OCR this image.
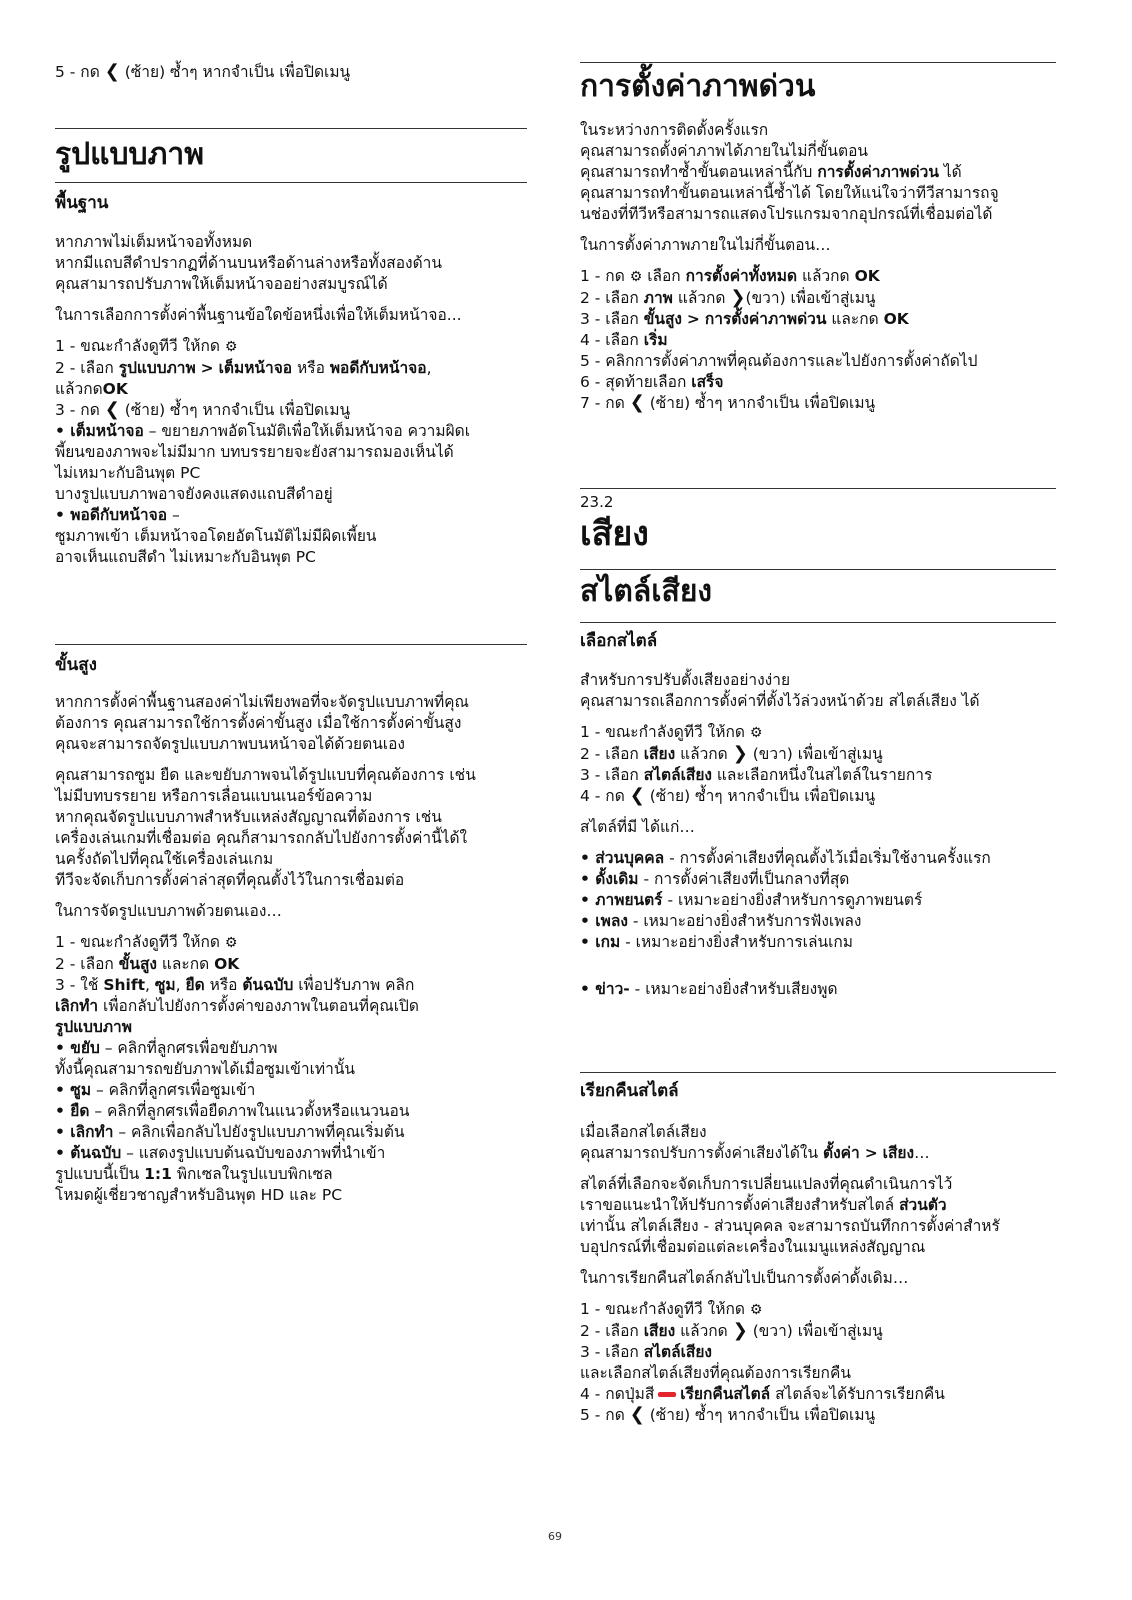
5 - กด ❮ (ซ้าย) ซ้ำๆ หากจำเป็น เพื่อปิดเมนู

รูปแบบภาพ
พื้นฐาน

หากภาพไม่เต็มหน้าจอทั้งหมด

หากมีแถบสีดำปรากฏที่ด้านบนหรือด้านล่างหรือทั้งสองด้าน

คุณสามารถปรับภาพให้เต็มหน้าจออย่างสมบูรณ์ได้

ในการเลือกการตั้งค่าพื้นฐานข้อใดข้อหนึ่งเพื่อให้เต็มหน้าจอ...

1 - ขณะกำลังดูทีวี ให้กด ⚙

2 - เลือก รูปแบบภาพ > เต็มหน้าจอ หรือ พอดีกับหน้าจอ,

แล้วกดOK

3 - กด ❮ (ซ้าย) ซ้ำๆ หากจำเป็น เพื่อปิดเมนู

• เต็มหน้าจอ – ขยายภาพอัตโนมัติเพื่อให้เต็มหน้าจอ ความผิดเ

พี้ยนของภาพจะไม่มีมาก บทบรรยายจะยังสามารถมองเห็นได้

ไม่เหมาะกับอินพุต PC

บางรูปแบบภาพอาจยังคงแสดงแถบสีดำอยู่

• พอดีกับหน้าจอ –

ซูมภาพเข้า เต็มหน้าจอโดยอัตโนมัติไม่มีผิดเพี้ยน

อาจเห็นแถบสีดำ ไม่เหมาะกับอินพุต PC

ขั้นสูง

หากการตั้งค่าพื้นฐานสองค่าไม่เพียงพอที่จะจัดรูปแบบภาพที่คุณ

ต้องการ คุณสามารถใช้การตั้งค่าขั้นสูง เมื่อใช้การตั้งค่าขั้นสูง

คุณจะสามารถจัดรูปแบบภาพบนหน้าจอได้ด้วยตนเอง

คุณสามารถซูม ยืด และขยับภาพจนได้รูปแบบที่คุณต้องการ เช่น

ไม่มีบทบรรยาย หรือการเลื่อนแบนเนอร์ข้อความ

หากคุณจัดรูปแบบภาพสำหรับแหล่งสัญญาณที่ต้องการ เช่น

เครื่องเล่นเกมที่เชื่อมต่อ คุณก็สามารถกลับไปยังการตั้งค่านี้ได้ใ

นครั้งถัดไปที่คุณใช้เครื่องเล่นเกม

ทีวีจะจัดเก็บการตั้งค่าล่าสุดที่คุณตั้งไว้ในการเชื่อมต่อ

ในการจัดรูปแบบภาพด้วยตนเอง…

1 - ขณะกำลังดูทีวี ให้กด ⚙

2 - เลือก ขั้นสูง และกด OK

3 - ใช้ Shift, ซูม, ยืด หรือ ต้นฉบับ เพื่อปรับภาพ คลิก

เลิกทำ เพื่อกลับไปยังการตั้งค่าของภาพในตอนที่คุณเปิด

รูปแบบภาพ

• ขยับ – คลิกที่ลูกศรเพื่อขยับภาพ

ทั้งนี้คุณสามารถขยับภาพได้เมื่อซูมเข้าเท่านั้น

• ซูม – คลิกที่ลูกศรเพื่อซูมเข้า

• ยืด – คลิกที่ลูกศรเพื่อยืดภาพในแนวตั้งหรือแนวนอน

• เลิกทำ – คลิกเพื่อกลับไปยังรูปแบบภาพที่คุณเริ่มต้น

• ต้นฉบับ – แสดงรูปแบบต้นฉบับของภาพที่นำเข้า

รูปแบบนี้เป็น 1:1 พิกเซลในรูปแบบพิกเซล

โหมดผู้เชี่ยวชาญสำหรับอินพุต HD และ PC

การตั้งค่าภาพด่วน

ในระหว่างการติดตั้งครั้งแรก

คุณสามารถตั้งค่าภาพได้ภายในไม่กี่ขั้นตอน

คุณสามารถทำซ้ำขั้นตอนเหล่านี้กับ การตั้งค่าภาพด่วน ได้

คุณสามารถทำขั้นตอนเหล่านี้ซ้ำได้ โดยให้แน่ใจว่าทีวีสามารถจู

นช่องที่ทีวีหรือสามารถแสดงโปรแกรมจากอุปกรณ์ที่เชื่อมต่อได้

ในการตั้งค่าภาพภายในไม่กี่ขั้นตอน…

1 - กด ⚙ เลือก การตั้งค่าทั้งหมด แล้วกด OK

2 - เลือก ภาพ แล้วกด ❯(ขวา) เพื่อเข้าสู่เมนู

3 - เลือก ขั้นสูง > การตั้งค่าภาพด่วน และกด OK

4 - เลือก เริ่ม

5 - คลิกการตั้งค่าภาพที่คุณต้องการและไปยังการตั้งค่าถัดไป

6 - สุดท้ายเลือก เสร็จ

7 - กด ❮ (ซ้าย) ซ้ำๆ หากจำเป็น เพื่อปิดเมนู

23.2
เสียง
สไตล์เสียง
เลือกสไตล์

สำหรับการปรับตั้งเสียงอย่างง่าย

คุณสามารถเลือกการตั้งค่าที่ตั้งไว้ล่วงหน้าด้วย สไตล์เสียง ได้

1 - ขณะกำลังดูทีวี ให้กด ⚙

2 - เลือก เสียง แล้วกด ❯ (ขวา) เพื่อเข้าสู่เมนู

3 - เลือก สไตล์เสียง และเลือกหนึ่งในสไตล์ในรายการ

4 - กด ❮ (ซ้าย) ซ้ำๆ หากจำเป็น เพื่อปิดเมนู

สไตล์ที่มี ได้แก่…

• ส่วนบุคคล - การตั้งค่าเสียงที่คุณตั้งไว้เมื่อเริ่มใช้งานครั้งแรก

• ดั้งเดิม - การตั้งค่าเสียงที่เป็นกลางที่สุด

• ภาพยนตร์ - เหมาะอย่างยิ่งสำหรับการดูภาพยนตร์

• เพลง - เหมาะอย่างยิ่งสำหรับการฟังเพลง

• เกม - เหมาะอย่างยิ่งสำหรับการเล่นเกม

• ข่าว- - เหมาะอย่างยิ่งสำหรับเสียงพูด

เรียกคืนสไตล์

เมื่อเลือกสไตล์เสียง

คุณสามารถปรับการตั้งค่าเสียงได้ใน ตั้งค่า > เสียง…

สไตล์ที่เลือกจะจัดเก็บการเปลี่ยนแปลงที่คุณดำเนินการไว้

เราขอแนะนำให้ปรับการตั้งค่าเสียงสำหรับสไตล์ ส่วนตัว

เท่านั้น สไตล์เสียง - ส่วนบุคคล จะสามารถบันทึกการตั้งค่าสำหรั

บอุปกรณ์ที่เชื่อมต่อแต่ละเครื่องในเมนูแหล่งสัญญาณ

ในการเรียกคืนสไตล์กลับไปเป็นการตั้งค่าดั้งเดิม…

1 - ขณะกำลังดูทีวี ให้กด ⚙

2 - เลือก เสียง แล้วกด ❯ (ขวา) เพื่อเข้าสู่เมนู

3 - เลือก สไตล์เสียง

และเลือกสไตล์เสียงที่คุณต้องการเรียกคืน

4 - กดปุ่มสี เรียกคืนสไตล์ สไตล์จะได้รับการเรียกคืน

5 - กด ❮ (ซ้าย) ซ้ำๆ หากจำเป็น เพื่อปิดเมนู

69
